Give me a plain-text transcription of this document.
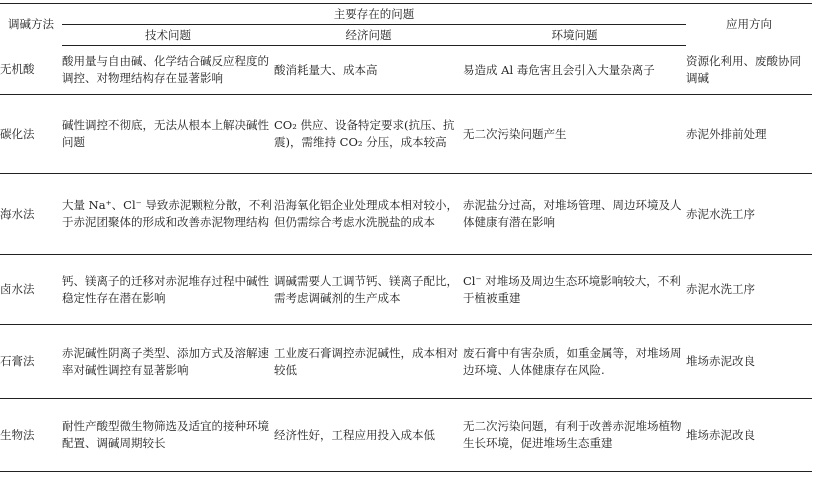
调碱方法	主要存在的问题			应用方向
	技术问题	经济问题	环境问题	
无机酸	酸用量与自由碱、化学结合碱反应程度的调控、对物理结构存在显著影响	酸消耗量大、成本高	易造成 Al 毒危害且会引入大量杂离子	资源化利用、废酸协同调碱
碳化法	碱性调控不彻底，无法从根本上解决碱性问题	CO₂ 供应、设备特定要求(抗压、抗震)，需维持 CO₂ 分压，成本较高	无二次污染问题产生	赤泥外排前处理
海水法	大量 Na⁺、Cl⁻ 导致赤泥颗粒分散，不利于赤泥团聚体的形成和改善赤泥物理结构	沿海氧化铝企业处理成本相对较小，但仍需综合考虑水洗脱盐的成本	赤泥盐分过高，对堆场管理、周边环境及人体健康有潜在影响	赤泥水洗工序
卤水法	钙、镁离子的迁移对赤泥堆存过程中碱性稳定性存在潜在影响	调碱需要人工调节钙、镁离子配比，需考虑调碱剂的生产成本	Cl⁻ 对堆场及周边生态环境影响较大，不利于植被重建	赤泥水洗工序
石膏法	赤泥碱性阴离子类型、添加方式及溶解速率对碱性调控有显著影响	工业废石膏调控赤泥碱性，成本相对较低	废石膏中有害杂质，如重金属等，对堆场周边环境、人体健康存在风险.	堆场赤泥改良
生物法	耐性产酸型微生物筛选及适宜的接种环境配置、调碱周期较长	经济性好，工程应用投入成本低	无二次污染问题，有利于改善赤泥堆场植物生长环境，促进堆场生态重建	堆场赤泥改良
